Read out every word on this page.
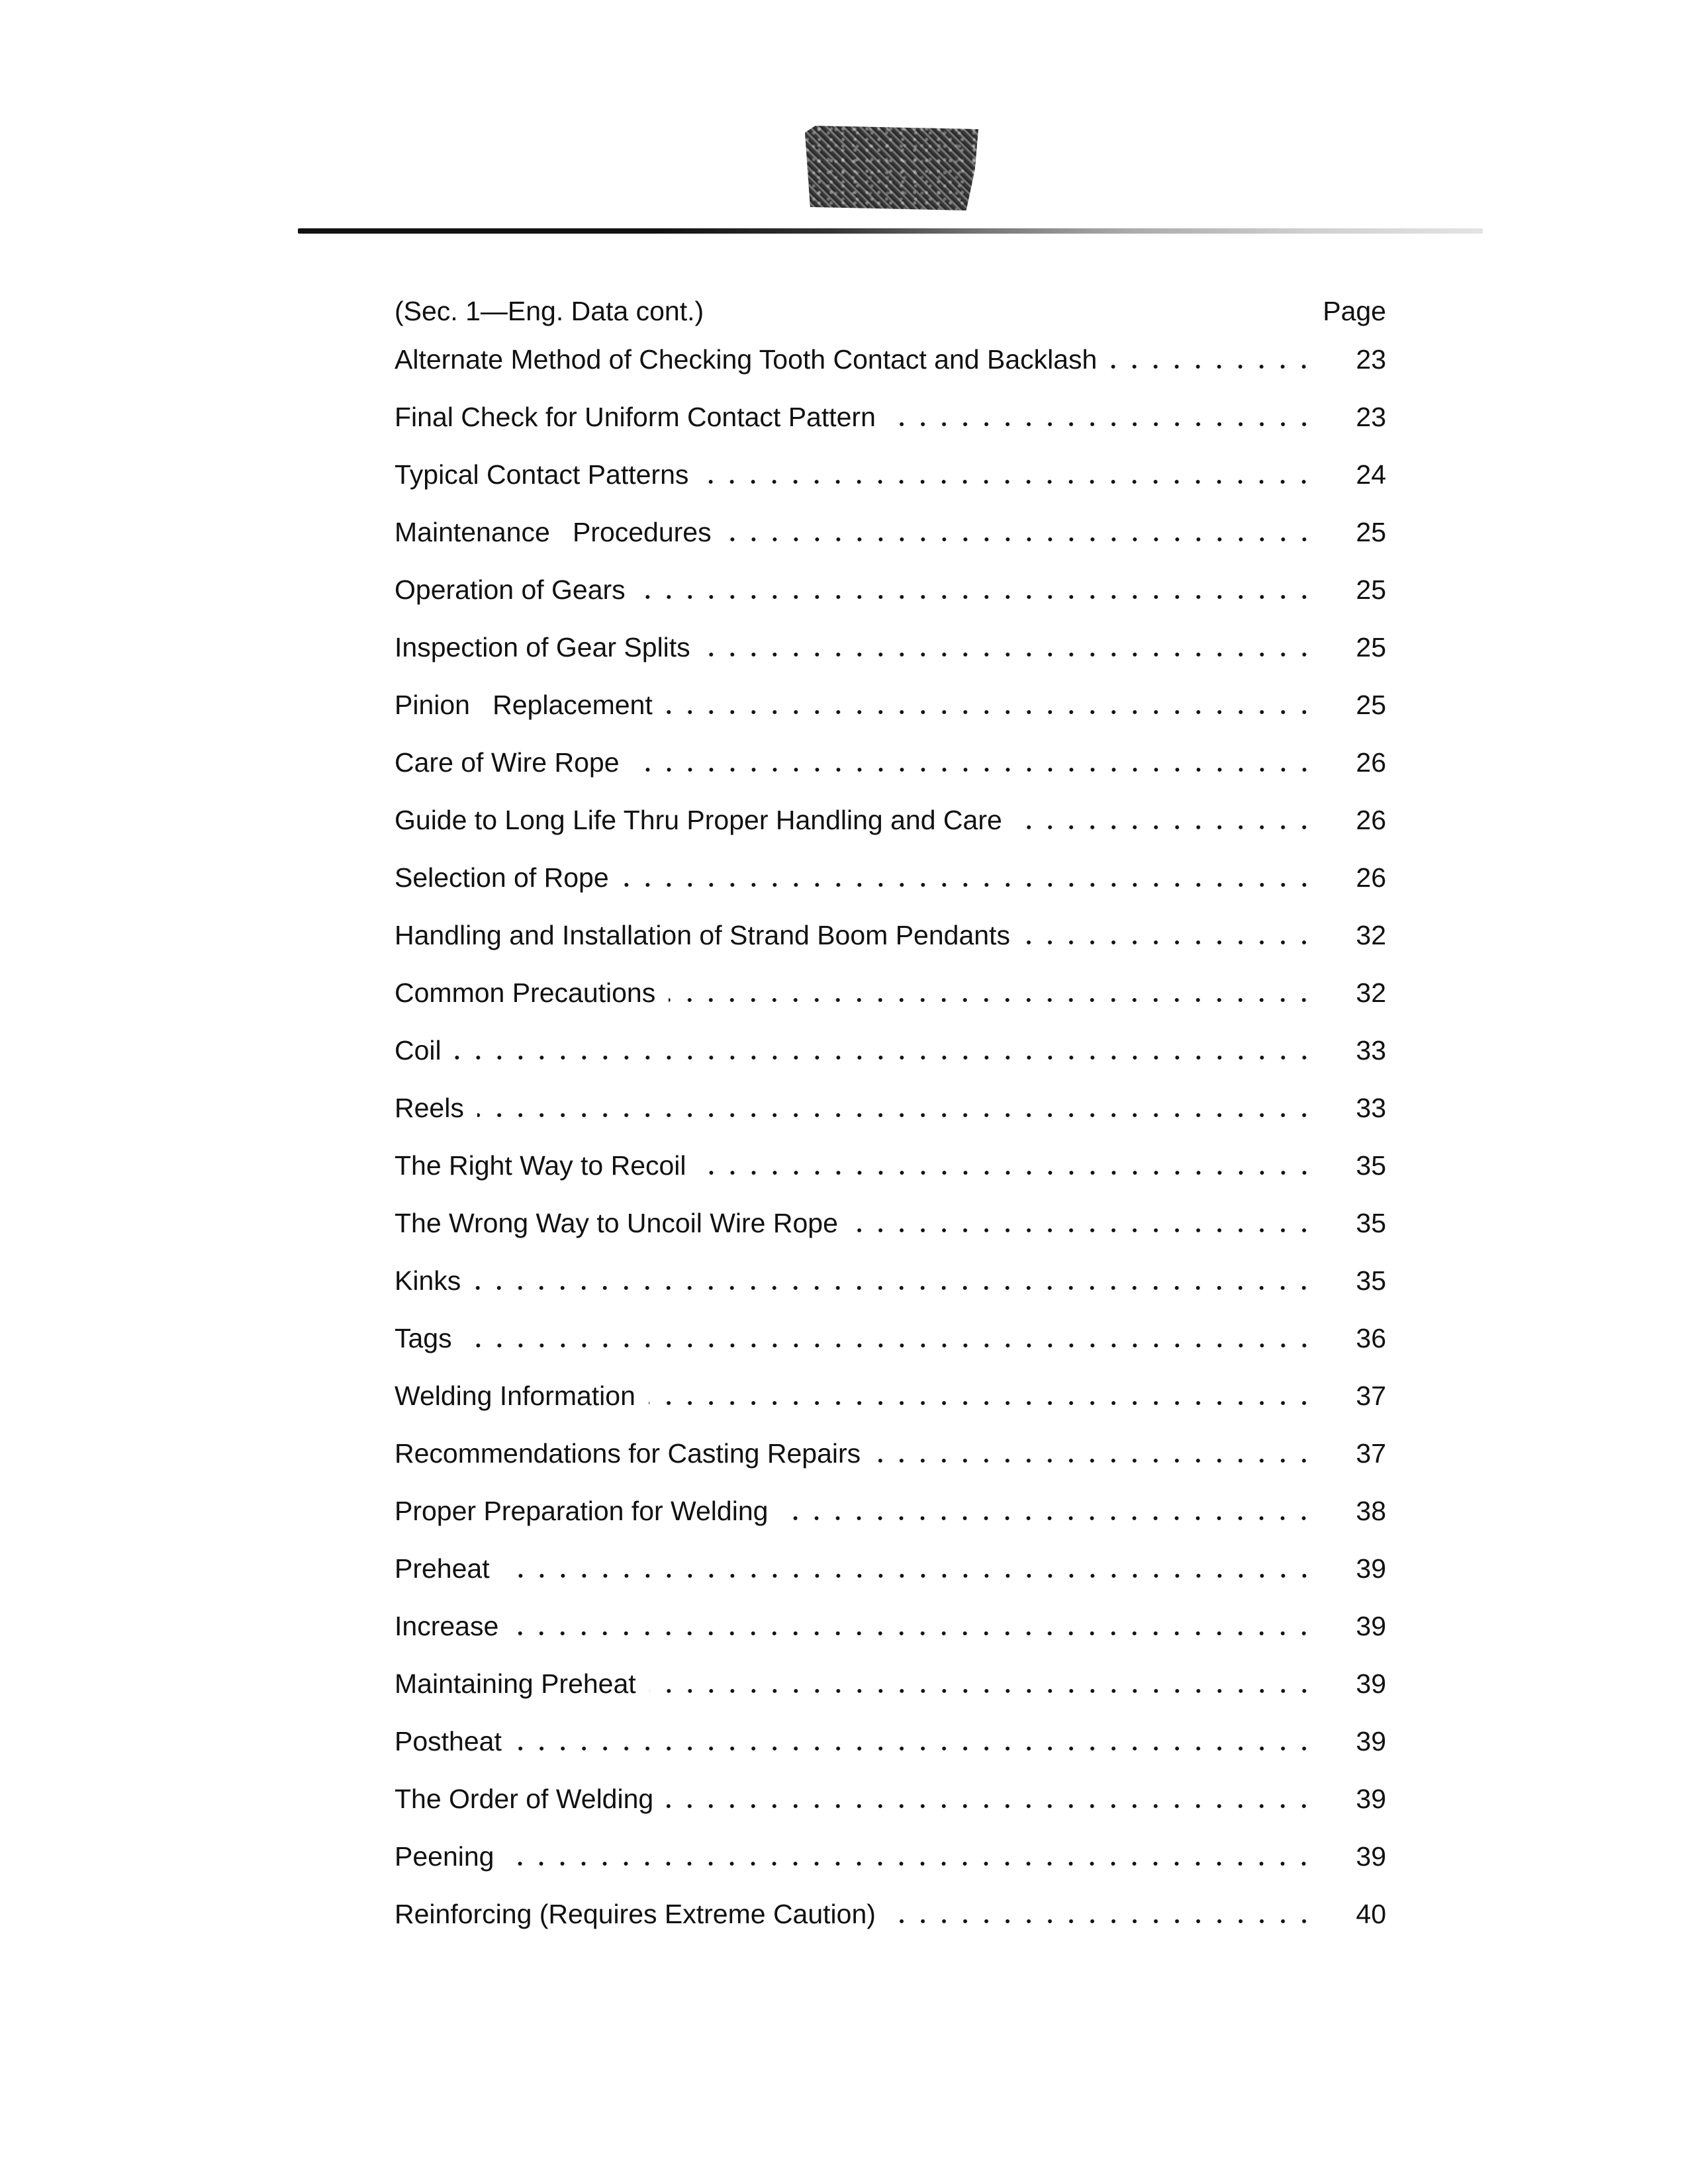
(Sec. 1—Eng. Data cont.)	Page
Alternate Method of Checking Tooth Contact and Backlash	23
Final Check for Uniform Contact Pattern	23
Typical Contact Patterns	24
Maintenance   Procedures	25
Operation of Gears	25
Inspection of Gear Splits	25
Pinion   Replacement	25
Care of Wire Rope	26
Guide to Long Life Thru Proper Handling and Care	26
Selection of Rope	26
Handling and Installation of Strand Boom Pendants	32
Common Precautions	32
Coil	33
Reels	33
The Right Way to Recoil	35
The Wrong Way to Uncoil Wire Rope	35
Kinks	35
Tags	36
Welding Information	37
Recommendations for Casting Repairs	37
Proper Preparation for Welding	38
Preheat	39
Increase	39
Maintaining Preheat	39
Postheat	39
The Order of Welding	39
Peening	39
Reinforcing (Requires Extreme Caution)	40
